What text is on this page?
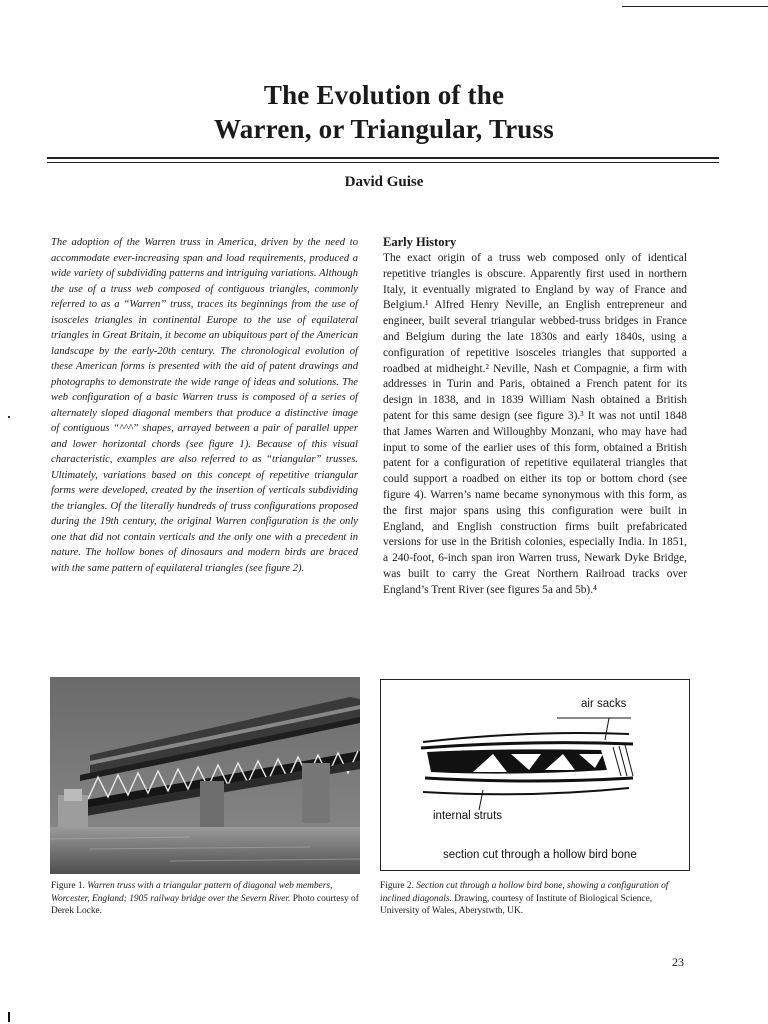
The Evolution of the
Warren, or Triangular, Truss
David Guise
The adoption of the Warren truss in America, driven by the need to accommodate ever-increasing span and load requirements, produced a wide variety of subdividing patterns and intriguing variations. Although the use of a truss web composed of contiguous triangles, commonly referred to as a “Warren” truss, traces its beginnings from the use of isosceles triangles in continental Europe to the use of equilateral triangles in Great Britain, it become an ubiquitous part of the American landscape by the early-20th century. The chronological evolution of these American forms is presented with the aid of patent drawings and photographs to demonstrate the wide range of ideas and solutions. The web configuration of a basic Warren truss is composed of a series of alternately sloped diagonal members that produce a distinctive image of contiguous “^^^” shapes, arrayed between a pair of parallel upper and lower horizontal chords (see figure 1). Because of this visual characteristic, examples are also referred to as “triangular” trusses. Ultimately, variations based on this concept of repetitive triangular forms were developed, created by the insertion of verticals subdividing the triangles. Of the literally hundreds of truss configurations proposed during the 19th century, the original Warren configuration is the only one that did not contain verticals and the only one with a precedent in nature. The hollow bones of dinosaurs and modern birds are braced with the same pattern of equilateral triangles (see figure 2).
Early History
The exact origin of a truss web composed only of identical repetitive triangles is obscure. Apparently first used in northern Italy, it eventually migrated to England by way of France and Belgium.¹ Alfred Henry Neville, an English entrepreneur and engineer, built several triangular webbed-truss bridges in France and Belgium during the late 1830s and early 1840s, using a configuration of repetitive isosceles triangles that supported a roadbed at midheight.² Neville, Nash et Compagnie, a firm with addresses in Turin and Paris, obtained a French patent for its design in 1838, and in 1839 William Nash obtained a British patent for this same design (see figure 3).³ It was not until 1848 that James Warren and Willoughby Monzani, who may have had input to some of the earlier uses of this form, obtained a British patent for a configuration of repetitive equilateral triangles that could support a roadbed on either its top or bottom chord (see figure 4). Warren’s name became synonymous with this form, as the first major spans using this configuration were built in England, and English construction firms built prefabricated versions for use in the British colonies, especially India. In 1851, a 240-foot, 6-inch span iron Warren truss, Newark Dyke Bridge, was built to carry the Great Northern Railroad tracks over England’s Trent River (see figures 5a and 5b).⁴
air sacks
internal struts
section cut through a hollow bird bone
Figure 1. Warren truss with a triangular pattern of diagonal web members, Worcester, England; 1905 railway bridge over the Severn River. Photo courtesy of Derek Locke.
Figure 2. Section cut through a hollow bird bone, showing a configuration of inclined diagonals. Drawing, courtesy of Institute of Biological Science, University of Wales, Aberystwth, UK.
23
